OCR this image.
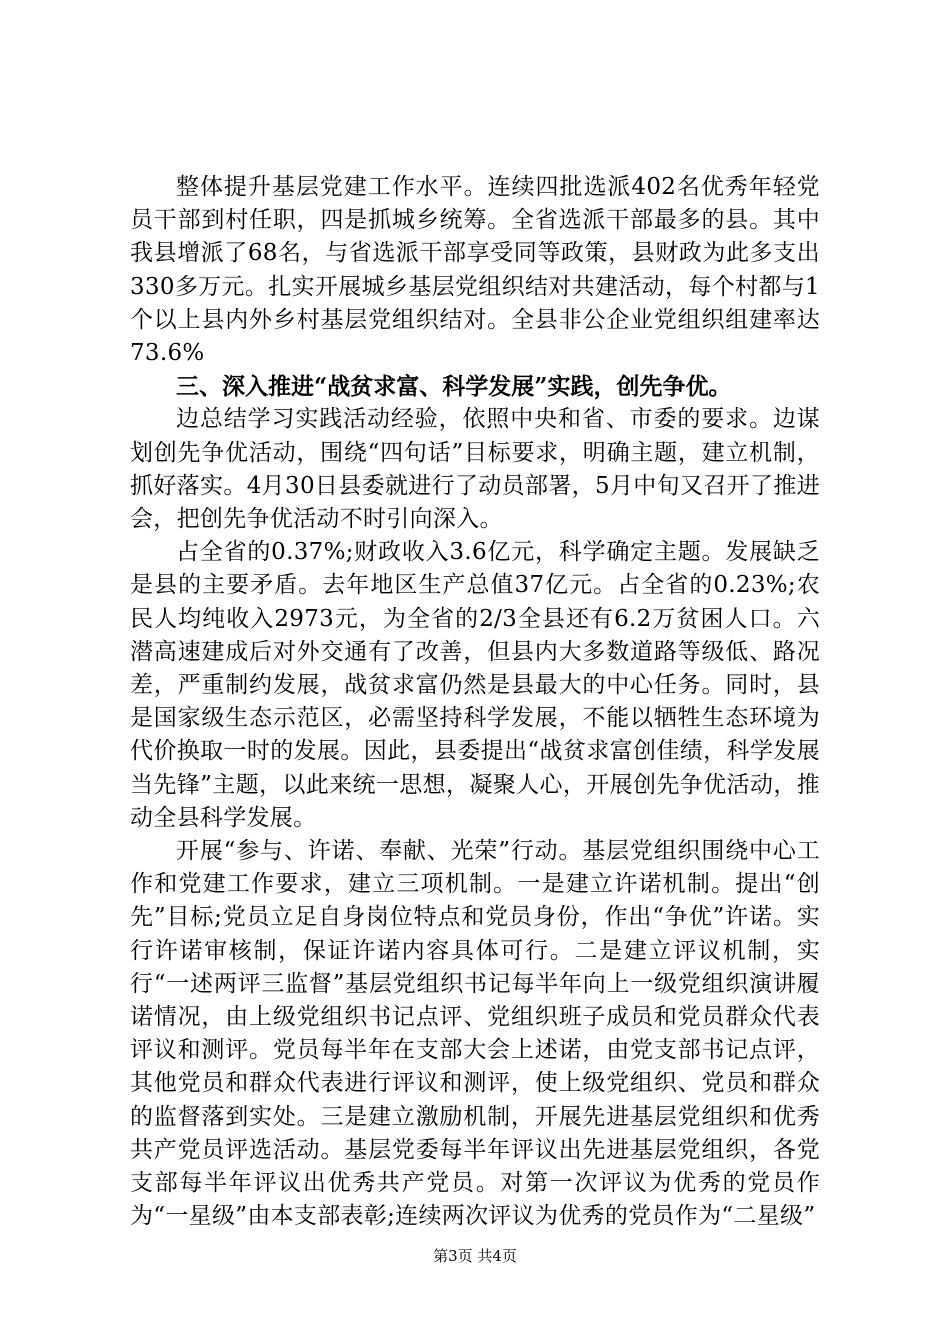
整体提升基层党建工作水平。连续四批选派402名优秀年轻党员干部到村任职，四是抓城乡统筹。全省选派干部最多的县。其中我县增派了68名，与省选派干部享受同等政策，县财政为此多支出330多万元。扎实开展城乡基层党组织结对共建活动，每个村都与1个以上县内外乡村基层党组织结对。全县非公企业党组织组建率达73.6%

三、深入推进“战贫求富、科学发展”实践，创先争优。

边总结学习实践活动经验，依照中央和省、市委的要求。边谋划创先争优活动，围绕“四句话”目标要求，明确主题，建立机制，抓好落实。4月30日县委就进行了动员部署，5月中旬又召开了推进会，把创先争优活动不时引向深入。

占全省的0.37%;财政收入3.6亿元，科学确定主题。发展缺乏是县的主要矛盾。去年地区生产总值37亿元。占全省的0.23%;农民人均纯收入2973元，为全省的2/3全县还有6.2万贫困人口。六潜高速建成后对外交通有了改善，但县内大多数道路等级低、路况差，严重制约发展，战贫求富仍然是县最大的中心任务。同时，县是国家级生态示范区，必需坚持科学发展，不能以牺牲生态环境为代价换取一时的发展。因此，县委提出“战贫求富创佳绩，科学发展当先锋”主题，以此来统一思想，凝聚人心，开展创先争优活动，推动全县科学发展。

开展“参与、许诺、奉献、光荣”行动。基层党组织围绕中心工作和党建工作要求，建立三项机制。一是建立许诺机制。提出“创先”目标;党员立足自身岗位特点和党员身份，作出“争优”许诺。实行许诺审核制，保证许诺内容具体可行。二是建立评议机制，实行“一述两评三监督”基层党组织书记每半年向上一级党组织演讲履诺情况，由上级党组织书记点评、党组织班子成员和党员群众代表评议和测评。党员每半年在支部大会上述诺，由党支部书记点评，其他党员和群众代表进行评议和测评，使上级党组织、党员和群众的监督落到实处。三是建立激励机制，开展先进基层党组织和优秀共产党员评选活动。基层党委每半年评议出先进基层党组织，各党支部每半年评议出优秀共产党员。对第一次评议为优秀的党员作为“一星级”由本支部表彰;连续两次评议为优秀的党员作为“二星级”

第3页 共4页
